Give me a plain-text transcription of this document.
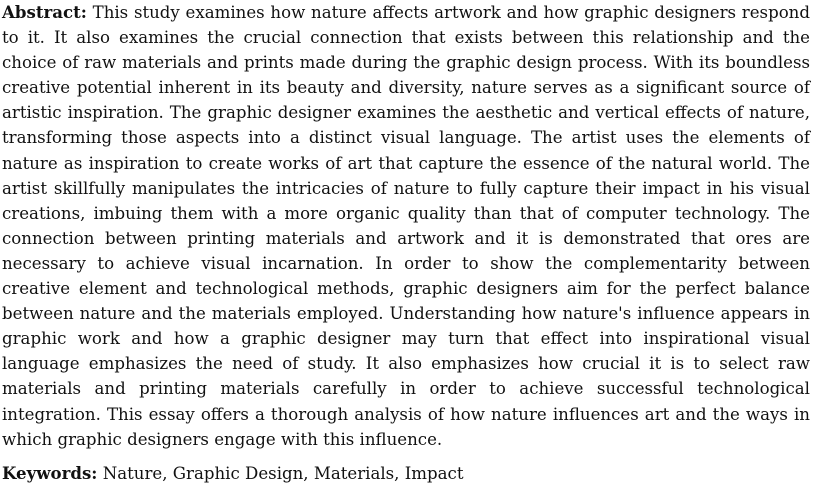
Abstract: This study examines how nature affects artwork and how graphic designers respond to it. It also examines the crucial connection that exists between this relationship and the choice of raw materials and prints made during the graphic design process. With its boundless creative potential inherent in its beauty and diversity, nature serves as a significant source of artistic inspiration. The graphic designer examines the aesthetic and vertical effects of nature, transforming those aspects into a distinct visual language. The artist uses the elements of nature as inspiration to create works of art that capture the essence of the natural world. The artist skillfully manipulates the intricacies of nature to fully capture their impact in his visual creations, imbuing them with a more organic quality than that of computer technology. The connection between printing materials and artwork and it is demonstrated that ores are necessary to achieve visual incarnation. In order to show the complementarity between creative element and technological methods, graphic designers aim for the perfect balance between nature and the materials employed. Understanding how nature's influence appears in graphic work and how a graphic designer may turn that effect into inspirational visual language emphasizes the need of study. It also emphasizes how crucial it is to select raw materials and printing materials carefully in order to achieve successful technological integration. This essay offers a thorough analysis of how nature influences art and the ways in which graphic designers engage with this influence.

Keywords: Nature, Graphic Design, Materials, Impact
